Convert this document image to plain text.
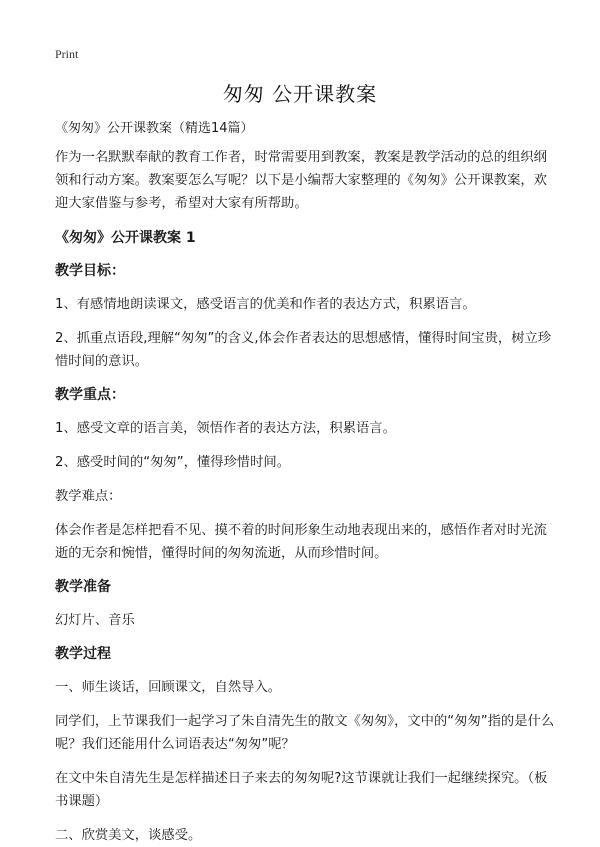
Print
匆匆 公开课教案

《匆匆》公开课教案（精选14篇）

作为一名默默奉献的教育工作者，时常需要用到教案，教案是教学活动的总的组织纲领和行动方案。教案要怎么写呢？以下是小编帮大家整理的《匆匆》公开课教案，欢迎大家借鉴与参考，希望对大家有所帮助。

《匆匆》公开课教案 1

教学目标：

1、有感情地朗读课文，感受语言的优美和作者的表达方式，积累语言。

2、抓重点语段,理解“匆匆”的含义,体会作者表达的思想感情，懂得时间宝贵，树立珍惜时间的意识。

教学重点：

1、感受文章的语言美，领悟作者的表达方法，积累语言。

2、感受时间的“匆匆”，懂得珍惜时间。

教学难点：

体会作者是怎样把看不见、摸不着的时间形象生动地表现出来的，感悟作者对时光流逝的无奈和惋惜，懂得时间的匆匆流逝，从而珍惜时间。

教学准备

幻灯片、音乐

教学过程

一、师生谈话，回顾课文，自然导入。

同学们，上节课我们一起学习了朱自清先生的散文《匆匆》，文中的“匆匆”指的是什么呢？我们还能用什么词语表达“匆匆”呢？

在文中朱自清先生是怎样描述日子来去的匆匆呢?这节课就让我们一起继续探究。（板书课题）

二、欣赏美文，谈感受。
